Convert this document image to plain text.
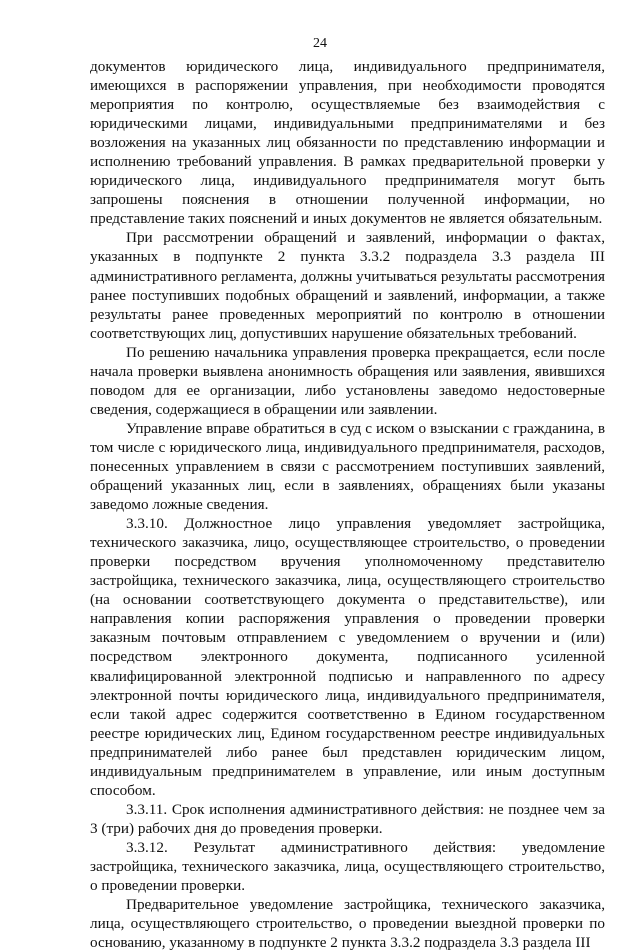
24

документов юридического лица, индивидуального предпринимателя, имеющихся в распоряжении управления, при необходимости проводятся мероприятия по контролю, осуществляемые без взаимодействия с юридическими лицами, индивидуальными предпринимателями и без возложения на указанных лиц обязанности по представлению информации и исполнению требований управления. В рамках предварительной проверки у юридического лица, индивидуального предпринимателя могут быть запрошены пояснения в отношении полученной информации, но представление таких пояснений и иных документов не является обязательным.

При рассмотрении обращений и заявлений, информации о фактах, указанных в подпункте 2 пункта 3.3.2 подраздела 3.3 раздела III административного регламента, должны учитываться результаты рассмотрения ранее поступивших подобных обращений и заявлений, информации, а также результаты ранее проведенных мероприятий по контролю в отношении соответствующих лиц, допустивших нарушение обязательных требований.

По решению начальника управления проверка прекращается, если после начала проверки выявлена анонимность обращения или заявления, явившихся поводом для ее организации, либо установлены заведомо недостоверные сведения, содержащиеся в обращении или заявлении.

Управление вправе обратиться в суд с иском о взыскании с гражданина, в том числе с юридического лица, индивидуального предпринимателя, расходов, понесенных управлением в связи с рассмотрением поступивших заявлений, обращений указанных лиц, если в заявлениях, обращениях были указаны заведомо ложные сведения.

3.3.10. Должностное лицо управления уведомляет застройщика, технического заказчика, лицо, осуществляющее строительство, о проведении проверки посредством вручения уполномоченному представителю застройщика, технического заказчика, лица, осуществляющего строительство (на основании соответствующего документа о представительстве), или направления копии распоряжения управления о проведении проверки заказным почтовым отправлением с уведомлением о вручении и (или) посредством электронного документа, подписанного усиленной квалифицированной электронной подписью и направленного по адресу электронной почты юридического лица, индивидуального предпринимателя, если такой адрес содержится соответственно в Едином государственном реестре юридических лиц, Едином государственном реестре индивидуальных предпринимателей либо ранее был представлен юридическим лицом, индивидуальным предпринимателем в управление, или иным доступным способом.

3.3.11. Срок исполнения административного действия: не позднее чем за 3 (три) рабочих дня до проведения проверки.

3.3.12. Результат административного действия: уведомление застройщика, технического заказчика, лица, осуществляющего строительство, о проведении проверки.

Предварительное уведомление застройщика, технического заказчика, лица, осуществляющего строительство, о проведении выездной проверки по основанию, указанному в подпункте 2 пункта 3.3.2 подраздела 3.3 раздела III
